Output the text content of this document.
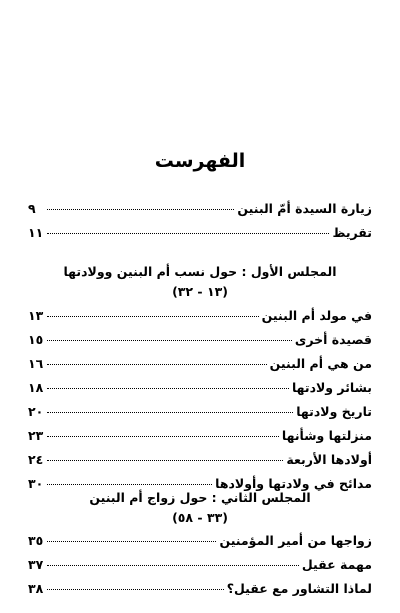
الفهرست
زيارة السيدة أمّ البنين
٩
تقريظ
١١
المجلس الأول : حول نسب أم البنين وولادتها
(١٣ - ٣٢)
في مولد أم البنين
١٣
قصيدة أخرى
١٥
من هي أم البنين
١٦
بشائر ولادتها
١٨
تاريخ ولادتها
٢٠
منزلتها وشأنها
٢٣
أولادها الأربعة
٢٤
مدائح في ولادتها وأولادها
٣٠
المجلس الثاني : حول زواج أم البنين
(٣٣ - ٥٨)
زواجها من أمير المؤمنين
٣٥
مهمة عقيل
٣٧
لماذا التشاور مع عقيل؟
٣٨
